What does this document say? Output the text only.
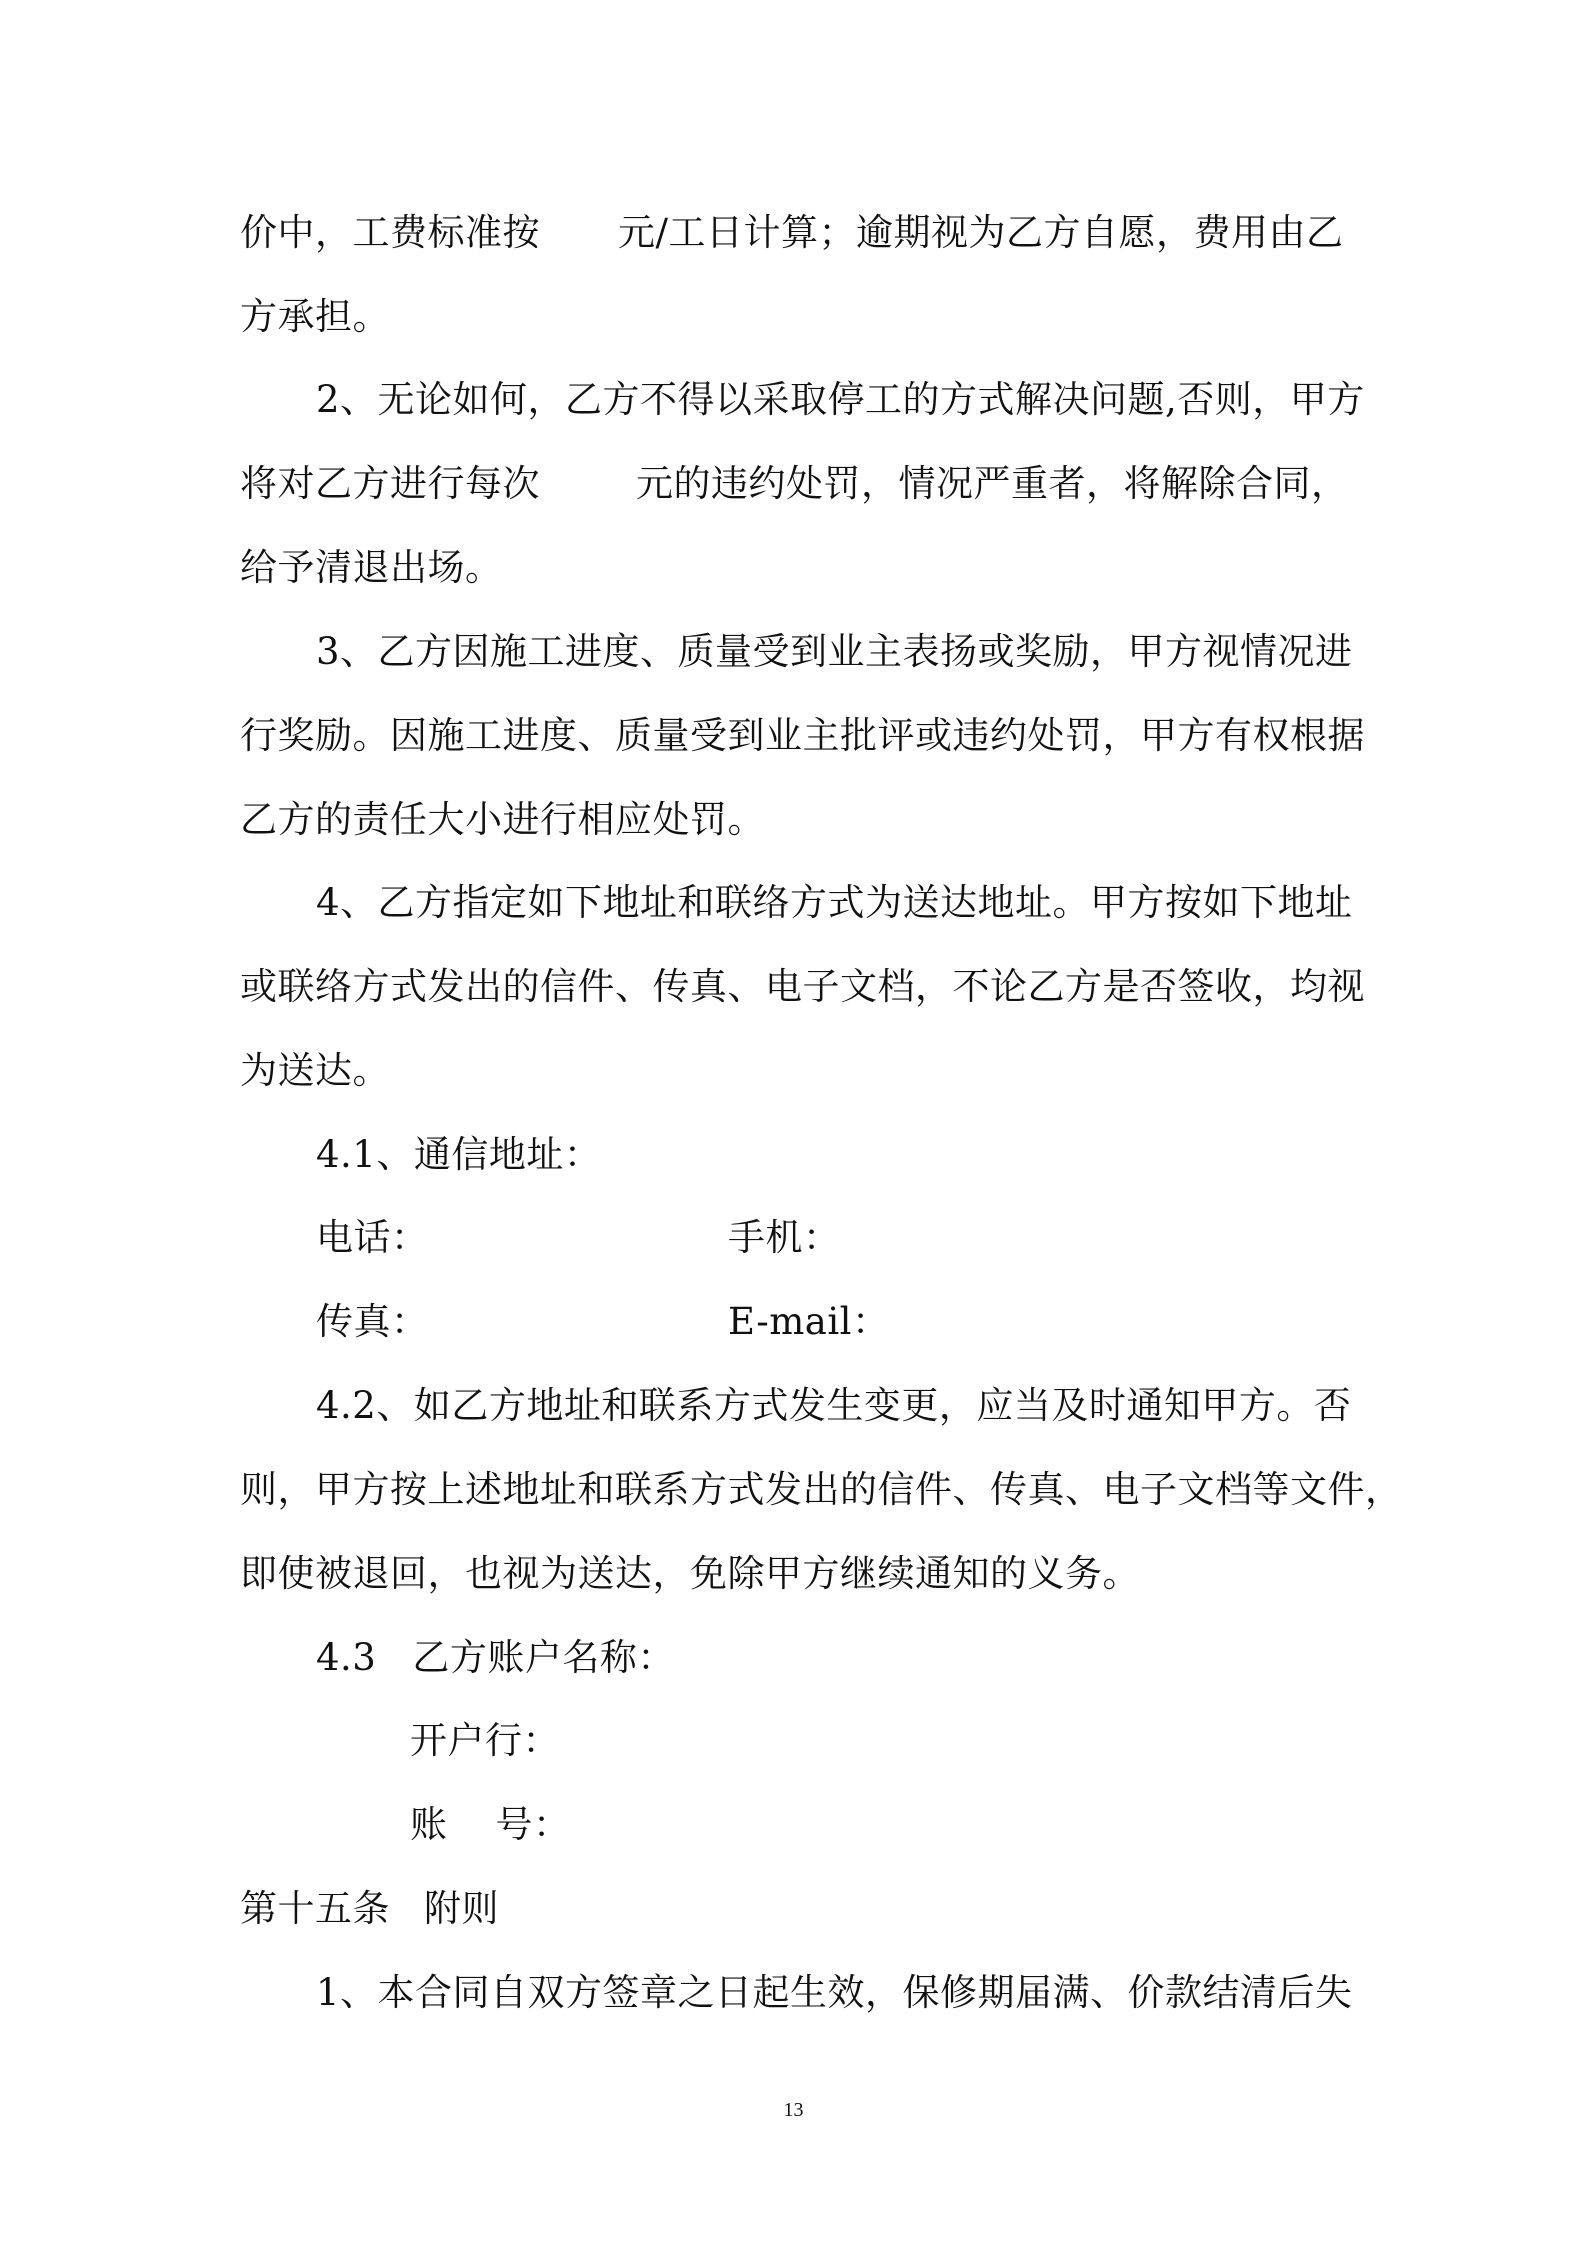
价中，工费标准按 元/工日计算；逾期视为乙方自愿，费用由乙

方承担。

2、无论如何，乙方不得以采取停工的方式解决问题,否则，甲方

将对乙方进行每次	元的违约处罚，情况严重者，将解除合同，

给予清退出场。

3、乙方因施工进度、质量受到业主表扬或奖励，甲方视情况进

行奖励。因施工进度、质量受到业主批评或违约处罚，甲方有权根据

乙方的责任大小进行相应处罚。

4、乙方指定如下地址和联络方式为送达地址。甲方按如下地址

或联络方式发出的信件、传真、电子文档，不论乙方是否签收，均视

为送达。

4.1、通信地址：

电话：	手机：

传真：	E-mail：

4.2、如乙方地址和联系方式发生变更，应当及时通知甲方。否

则，甲方按上述地址和联系方式发出的信件、传真、电子文档等文件，

即使被退回，也视为送达，免除甲方继续通知的义务。

4.3 乙方账户名称：

开户行：

账 号：

第十五条 附则

1、本合同自双方签章之日起生效，保修期届满、价款结清后失

13
